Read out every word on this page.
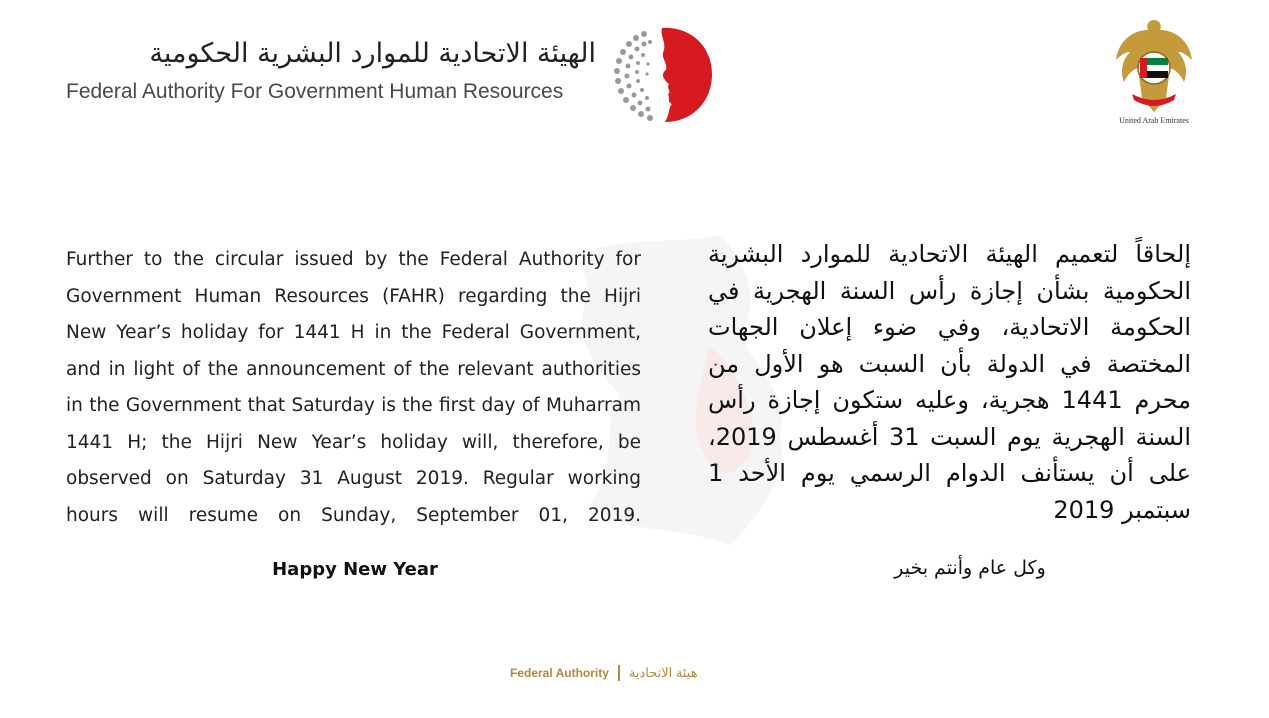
الهيئة الاتحادية للموارد البشرية الحكومية
Federal Authority For Government Human Resources
United Arab Emirates
Further to the circular issued by the Federal Authority for Government Human Resources (FAHR) regarding the Hijri New Year’s holiday for 1441 H in the Federal Government, and in light of the announcement of the relevant authorities in the Government that Saturday is the first day of Muharram 1441 H; the Hijri New Year’s holiday will, therefore, be observed on Saturday 31 August 2019. Regular working hours will resume on Sunday, September 01, 2019.
إلحاقاً لتعميم الهيئة الاتحادية للموارد البشرية الحكومية بشأن إجازة رأس السنة الهجرية في الحكومة الاتحادية، وفي ضوء إعلان الجهات المختصة في الدولة بأن السبت هو الأول من محرم 1441 هجرية، وعليه ستكون إجازة رأس السنة الهجرية يوم السبت 31 أغسطس 2019، على أن يستأنف الدوام الرسمي يوم الأحد 1 سبتمبر 2019
Happy New Year	وكل عام وأنتم بخير
Federal Authority هيئة الاتحادية
